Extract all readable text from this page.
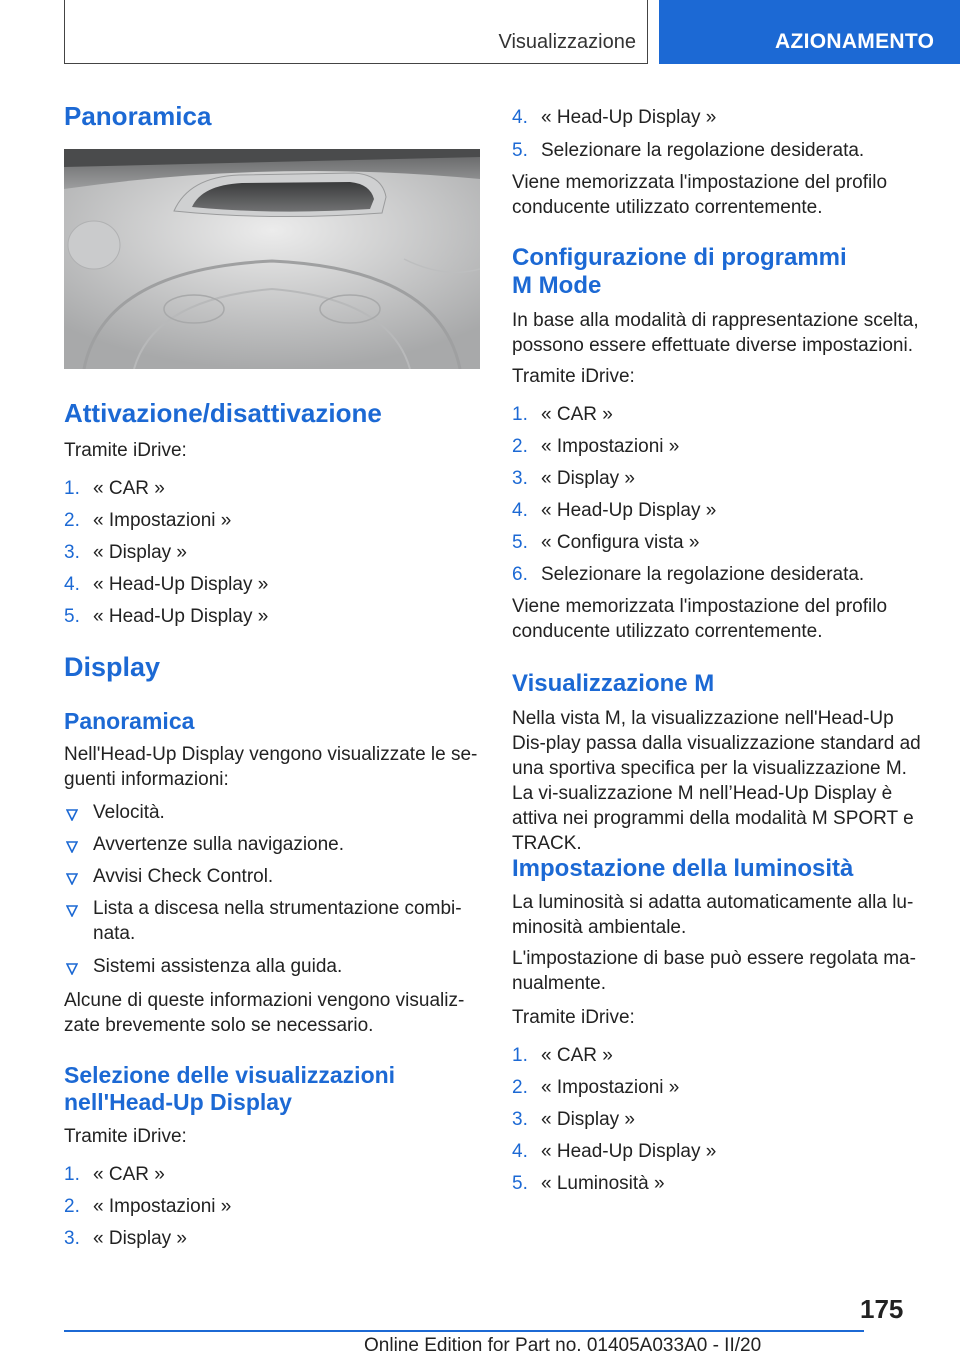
Visualizzazione	AZIONAMENTO
Panoramica
Attivazione/disattivazione
Tramite iDrive:
1. « CAR »
2. « Impostazioni »
3. « Display »
4. « Head-Up Display »
5. « Head-Up Display »
Display
Panoramica
Nell'Head-Up Display vengono visualizzate le se-guenti informazioni:
Velocità.
Avvertenze sulla navigazione.
Avvisi Check Control.
Lista a discesa nella strumentazione combi-nata.
Sistemi assistenza alla guida.
Alcune di queste informazioni vengono visualiz-zate brevemente solo se necessario.
Selezione delle visualizzazioni nell'Head-Up Display
Tramite iDrive:
1. « CAR »
2. « Impostazioni »
3. « Display »
4. « Head-Up Display »
5. Selezionare la regolazione desiderata.
Viene memorizzata l'impostazione del profilo conducente utilizzato correntemente.
Configurazione di programmi
M Mode
In base alla modalità di rappresentazione scelta, possono essere effettuate diverse impostazioni.
Tramite iDrive:
1. « CAR »
2. « Impostazioni »
3. « Display »
4. « Head-Up Display »
5. « Configura vista »
6. Selezionare la regolazione desiderata.
Viene memorizzata l'impostazione del profilo conducente utilizzato correntemente.
Visualizzazione M
Nella vista M, la visualizzazione nell'Head-Up Dis-play passa dalla visualizzazione standard ad una sportiva specifica per la visualizzazione M. La vi-sualizzazione M nell’Head-Up Display è attiva nei programmi della modalità M SPORT e TRACK.
Impostazione della luminosità
La luminosità si adatta automaticamente alla lu-minosità ambientale.
L'impostazione di base può essere regolata ma-nualmente.
Tramite iDrive:
1. « CAR »
2. « Impostazioni »
3. « Display »
4. « Head-Up Display »
5. « Luminosità »
175
Online Edition for Part no. 01405A033A0 - II/20
